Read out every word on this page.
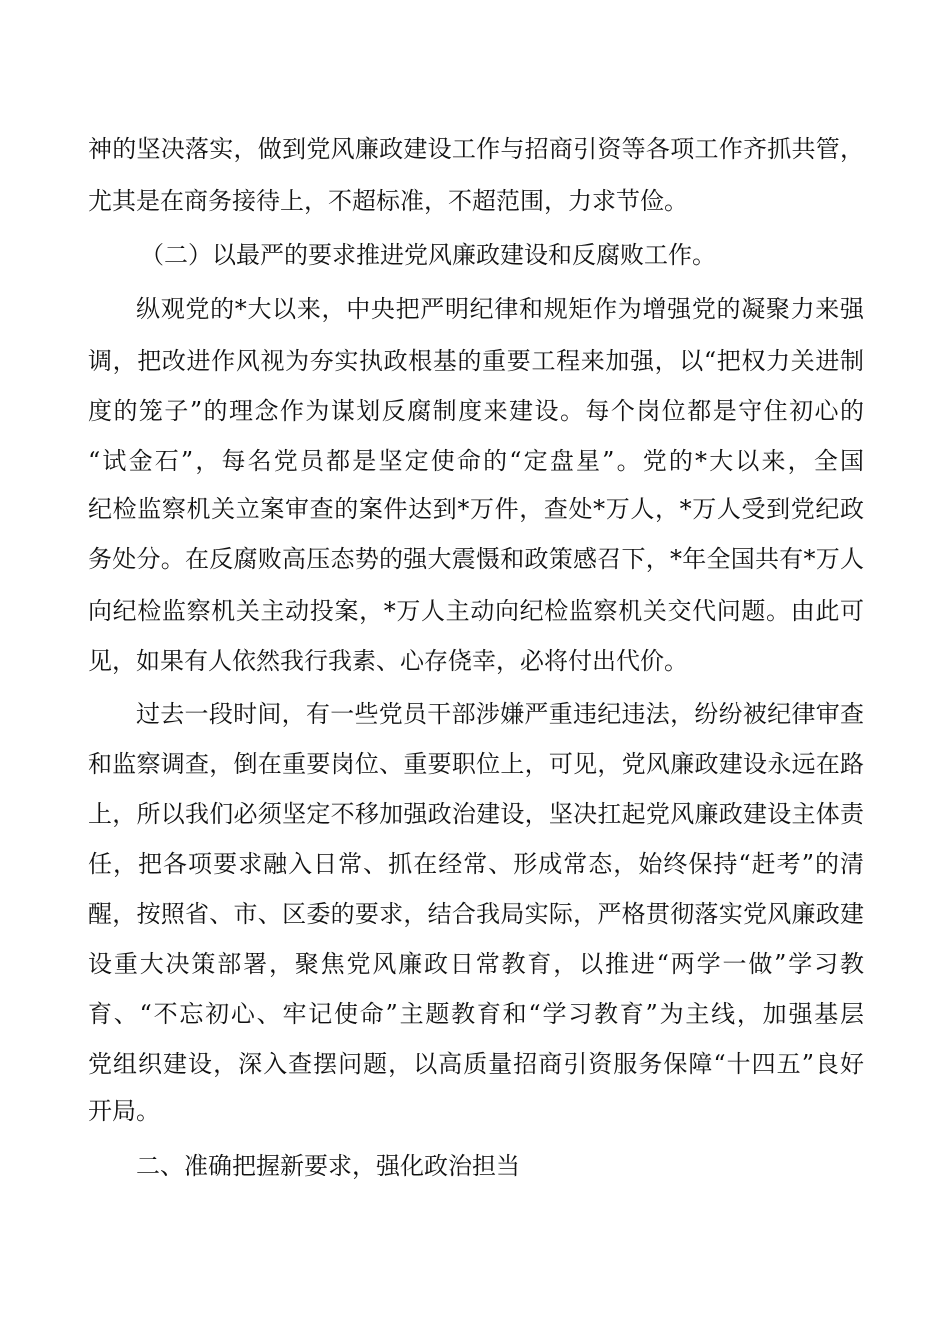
神的坚决落实，做到党风廉政建设工作与招商引资等各项工作齐抓共管，
尤其是在商务接待上，不超标准，不超范围，力求节俭。
（二）以最严的要求推进党风廉政建设和反腐败工作。
纵观党的*大以来，中央把严明纪律和规矩作为增强党的凝聚力来强
调，把改进作风视为夯实执政根基的重要工程来加强，以“把权力关进制
度的笼子”的理念作为谋划反腐制度来建设。每个岗位都是守住初心的
“试金石”，每名党员都是坚定使命的“定盘星”。党的*大以来，全国
纪检监察机关立案审查的案件达到*万件，查处*万人，*万人受到党纪政
务处分。在反腐败高压态势的强大震慑和政策感召下，*年全国共有*万人
向纪检监察机关主动投案，*万人主动向纪检监察机关交代问题。由此可
见，如果有人依然我行我素、心存侥幸，必将付出代价。
过去一段时间，有一些党员干部涉嫌严重违纪违法，纷纷被纪律审查
和监察调查，倒在重要岗位、重要职位上，可见，党风廉政建设永远在路
上，所以我们必须坚定不移加强政治建设，坚决扛起党风廉政建设主体责
任，把各项要求融入日常、抓在经常、形成常态，始终保持“赶考”的清
醒，按照省、市、区委的要求，结合我局实际，严格贯彻落实党风廉政建
设重大决策部署，聚焦党风廉政日常教育，以推进“两学一做”学习教
育、“不忘初心、牢记使命”主题教育和“学习教育”为主线，加强基层
党组织建设，深入查摆问题，以高质量招商引资服务保障“十四五”良好
开局。
二、准确把握新要求，强化政治担当
